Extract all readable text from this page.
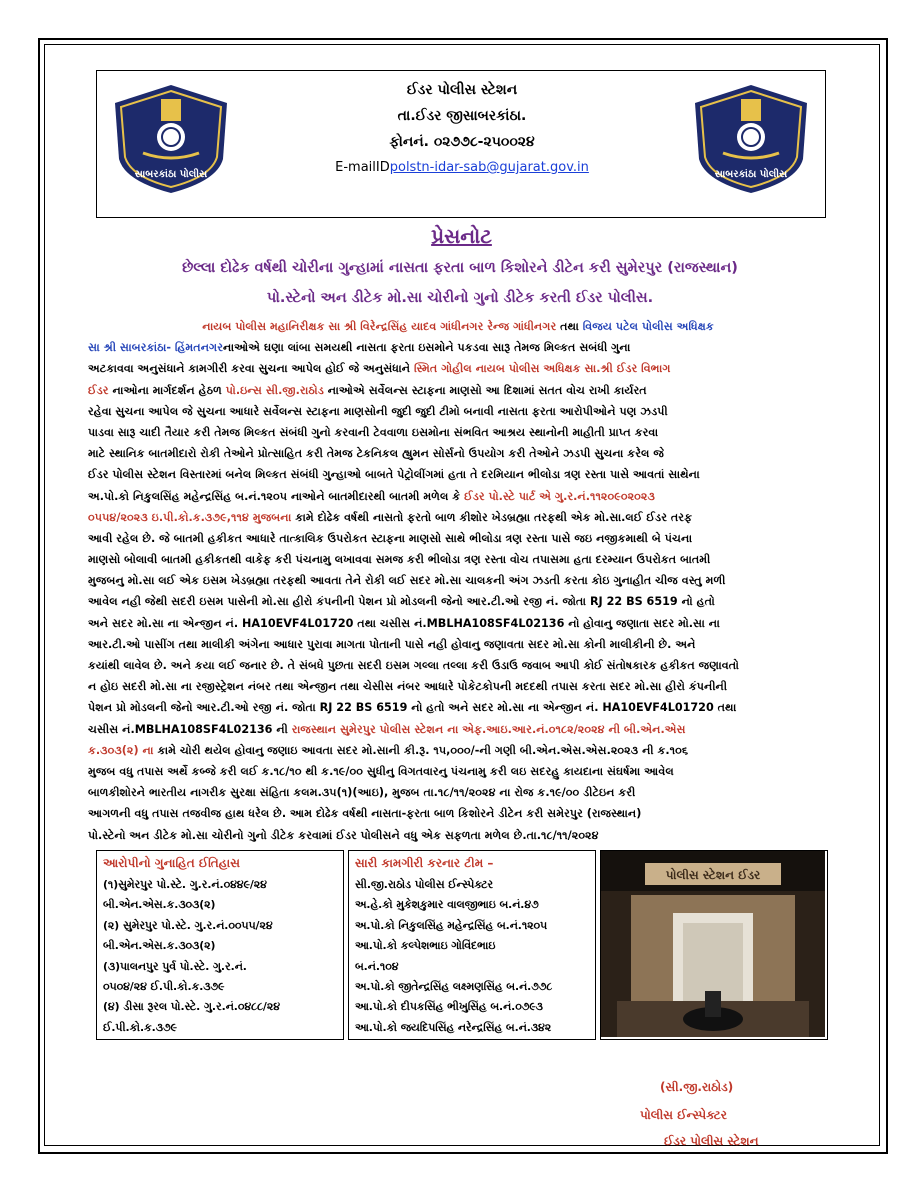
સાબરકાંઠા પોલીસ
ઈડર પોલીસ સ્ટેશન
તા.ઈડર જીસાબરકાંઠા.
ફોનનં. ૦૨૭૭૮-૨૫૦૦૨૪
E-mailIDpolstn-idar-sab@gujarat.gov.in	સાબરકાંઠા પોલીસ
પ્રેસનોટ
છેલ્લા દોઢેક વર્ષથી ચોરીના ગુન્હામાં નાસતા ફરતા બાળ કિશોરને ડીટેન કરી સુમેરપુર (રાજસ્થાન)
પો.સ્ટેનો અન ડીટેક મો.સા ચોરીનો ગુનો ડીટેક કરતી ઈડર પોલીસ.
નાયબ પોલીસ મહાનિરીક્ષક સા શ્રી વિરેન્દ્રસિંહ યાદવ ગાંધીનગર રેન્જ ગાંધીનગર તથા વિજય પટેલ પોલીસ અધિક્ષક
સા શ્રી સાબરકાંઠા- હિંમતનગરનાઓએ ઘણા લાંબા સમયથી નાસતા ફરતા ઇસમોને પકડવા સારૂ તેમજ મિલ્કત સબંધી ગુના
અટકાવવા અનુસંધાને કામગીરી કરવા સુચના આપેલ હોઈ જે અનુસંધાને સ્મિત ગોહીલ નાયબ પોલીસ અધિક્ષક સા.શ્રી ઈડર વિભાગ
ઈડર નાઓના માર્ગદર્શન હેઠળ પો.ઇન્સ સી.જી.રાઠોડ નાઓએ સર્વેલન્સ સ્ટાફના માણસો આ દિશામાં સતત વોચ રાખી કાર્યરત
રહેવા સુચના આપેલ જે સુચના આધારે સર્વેલન્સ સ્ટાફના માણસોની જુદી જુદી ટીમો બનાવી નાસતા ફરતા આરોપીઓને પણ ઝડપી
પાડવા સારૂ ચાદી તૈયાર કરી તેમજ મિલ્કત સંબંધી ગુનો કરવાની ટેવવાળા ઇસમોના સંભવિત આશ્રય સ્થાનોની માહીતી પ્રાપ્ત કરવા
માટે સ્થાનિક બાતમીદારો રોકી તેઓને પ્રોત્સાહિત કરી તેમજ ટેકનિકલ હ્યુમન સોર્સનો ઉપયોગ કરી તેઓને ઝડપી સુચના કરેલ જે
ઈડર પોલીસ સ્ટેશન વિસ્તારમાં બનેલ મિલ્કત સંબંધી ગુન્હાઓ બાબતે પેટ્રોલીંગમાં હતા તે દરમિયાન ભીલોડા ત્રણ રસ્તા પાસે આવતાં સાથેના
અ.પો.કો નિકુલસિંહ મહેન્દ્રસિંહ બ.નં.૧૨૦૫ નાઓને બાતમીદારથી બાતમી મળેલ કે ઈડર પો.સ્ટે પાર્ટ એ ગુ.ર.નં.૧૧૨૦૯૦૨૦૨૩
૦૫૫૪/૨૦૨૩ ઇ.પી.કો.ક.૩૭૯,૧૧૪ મુજબના કામે દોઢેક વર્ષથી નાસતો ફરતો બાળ કીશોર ખેડબ્રહ્મા તરફથી એક મો.સા.લઈ ઈડર તરફ
આવી રહેલ છે. જે બાતમી હકીકત આધારે તાત્કાલિક ઉપરોકત સ્ટાફના માણસો સાથે ભીલોડા ત્રણ રસ્તા પાસે જઇ નજીકમાથી બે પંચના
માણસો બોલાવી બાતમી હકીકતથી વાકેફ કરી પંચનામુ લખાવવા સમજ કરી ભીલોડા ત્રણ રસ્તા વોચ તપાસમા હતા દરમ્યાન ઉપરોકત બાતમી
મુજબનુ મો.સા લઈ એક ઇસમ ખેડબ્રહ્મા તરફથી આવતા તેને રોકી લઈ સદર મો.સા ચાલકની અંગ ઝડતી કરતા કોઇ ગુનાહીત ચીજ વસ્તુ મળી
આવેલ નહી જેથી સદરી ઇસમ પાસેની મો.સા હીરો કંપનીની પેશન પ્રો મોડલની જેનો આર.ટી.ઓ રજી નં. જોતા RJ 22 BS 6519 નો હતો
અને સદર મો.સા ના એન્જીન નં. HA10EVF4L01720 તથા ચસીસ નં.MBLHA108SF4L02136 નો હોવાનુ જણાતા સદર મો.સા ના
આર.ટી.ઓ પાસીંગ તથા માલીકી અંગેના આધાર પુરાવા માગતા પોતાની પાસે નહી હોવાનુ જણાવતા સદર મો.સા કોની માલીકીની છે. અને
કયાંથી લાવેલ છે. અને કયા લઈ જનાર છે. તે સંબધે પુછતા સદરી ઇસમ ગલ્લા તલ્લા કરી ઉડાઉ જવાબ આપી કોઈ સંતોષકારક હકીકત જણાવતો
ન હોઇ સદરી મો.સા ના રજીસ્ટ્રેશન નંબર તથા એન્જીન તથા ચેસીસ નંબર આધારે પોકેટકોપની મદદથી તપાસ કરતા સદર મો.સા હીરો કંપનીની
પેશન પ્રો મોડલની જેનો આર.ટી.ઓ રજી નં. જોતા RJ 22 BS 6519 નો હતો અને સદર મો.સા ના એન્જીન નં. HA10EVF4L01720 તથા
ચસીસ નં.MBLHA108SF4L02136 ની રાજસ્થાન સુમેરપુર પોલીસ સ્ટેશન ના એફ.આઇ.આર.નં.૦૧૮૨/૨૦૨૪ ની બી.એન.એસ
ક.૩૦૩(૨) ના કામે ચોરી થયેલ હોવાનુ જણાઇ આવતા સદર મો.સાની કી.રૂ. ૧૫,૦૦૦/-ની ગણી બી.એન.એસ.એસ.૨૦૨૩ ની ક.૧૦૬
મુજબ વધુ તપાસ અર્થે કબ્જે કરી લઈ ક.૧૮/૧૦ થી ક.૧૯/૦૦ સુધીનુ વિગતવારનુ પંચનામુ કરી લઇ સદરહુ કાયદાના સંઘર્ષમા આવેલ
બાળકીશોરને ભારતીય નાગરીક સુરક્ષા સંહિતા કલમ.૩૫(૧)(આઇ), મુજબ તા.૧૮/૧૧/૨૦૨૪ ના રોજ ક.૧૯/૦૦ ડીટેઇન કરી
આગળની વધુ તપાસ તજવીજ હાથ ધરેલ છે. આમ દોઢેક વર્ષથી નાસતા-ફરતા બાળ કિશોરને ડીટેન કરી સમેરપુર (રાજસ્થાન)
પો.સ્ટેનો અન ડીટેક મો.સા ચોરીનો ગુનો ડીટેક કરવામાં ઈડર પોલીસને વધુ એક સફળતા મળેલ છે.તા.૧૮/૧૧/૨૦૨૪
આરોપીનો ગુનાહિત ઈતિહાસ
(૧)સુમેરપુર પો.સ્ટે. ગુ.ર.નં.૦૪૪૯/૨૪
બી.એન.એસ.ક.૩૦૩(૨)
(૨) સુમેરપુર પો.સ્ટે. ગુ.ર.નં.૦૦૫૫/૨૪
બી.એન.એસ.ક.૩૦૩(૨)
(૩)પાલનપુર પુર્વ પો.સ્ટે. ગુ.ર.નં.
૦૫૦૪/૨૪ ઈ.પી.કો.ક.૩૭૯
(૪) ડીસા રૂરલ પો.સ્ટે. ગુ.ર.નં.૦૪૮૮/૨૪
ઈ.પી.કો.ક.૩૭૯
સારી કામગીરી કરનાર ટીમ –
સી.જી.રાઠોડ પોલીસ ઈન્સ્પેક્ટર
અ.હે.કો મુકેશકુમાર વાલજીભાઇ બ.નં.૪૭
અ.પો.કો નિકુલસિંહ મહેન્દ્રસિંહ બ.નં.૧૨૦૫
આ.પો.કો કલ્પેશભાઇ ગોવિંદભાઇ
બ.નં.૧૦૪
અ.પો.કો જીતેન્દ્રસિંહ લક્ષ્મણસિંહ બ.નં.૭૭૮
આ.પો.કો દીપકસિંહ ભીખુસિંહ બ.નં.૦૭૯૩
આ.પો.કો જયદિપસિંહ નરેન્દ્રસિંહ બ.નં.૩૪૨
પોલીસ સ્ટેશન ઈડર
(સી.જી.રાઠોડ)
પોલીસ ઈન્સ્પેક્ટર
ઈડર પોલીસ સ્ટેશન
